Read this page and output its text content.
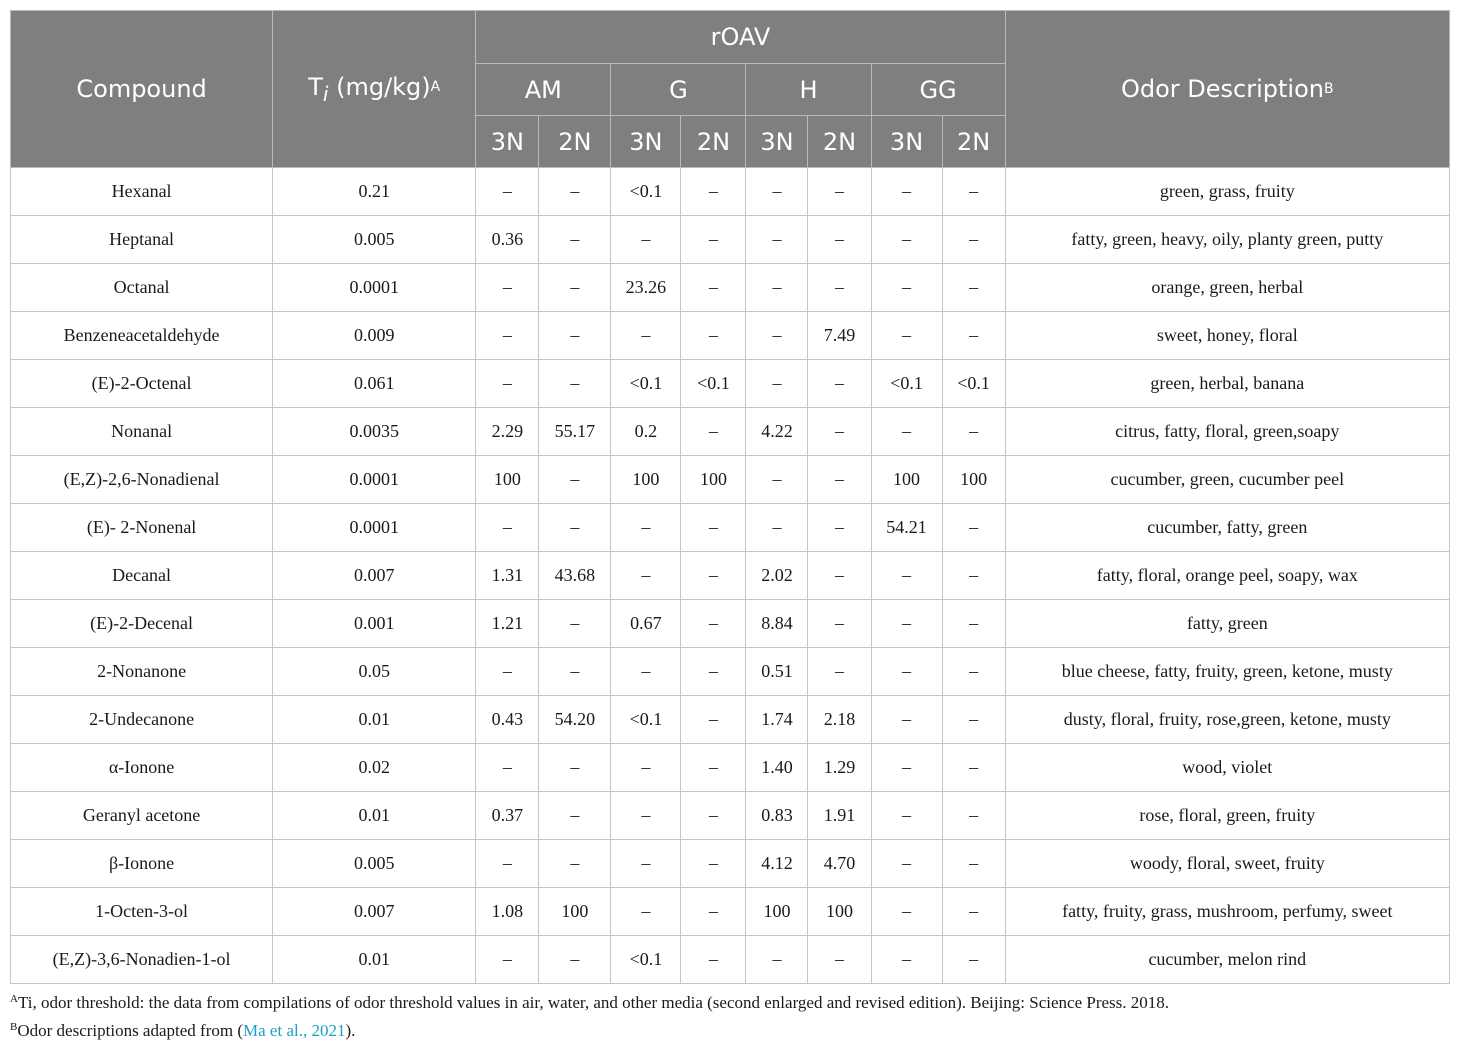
Compound	$T_i$ $(mg/kg)^A$	rOAV								Odor Description$^B$
		AM		G		H		GG		
		3N	2N	3N	2N	3N	2N	3N	2N	
Hexanal	0.21	–	–	<0.1	–	–	–	–	–	green, grass, fruity
Heptanal	0.005	0.36	–	–	–	–	–	–	–	fatty, green, heavy, oily, planty green, putty
Octanal	0.0001	–	–	23.26	–	–	–	–	–	orange, green, herbal
Benzeneacetaldehyde	0.009	–	–	–	–	–	7.49	–	–	sweet, honey, floral
(E)-2-Octenal	0.061	–	–	<0.1	<0.1	–	–	<0.1	<0.1	green, herbal, banana
Nonanal	0.0035	2.29	55.17	0.2	–	4.22	–	–	–	citrus, fatty, floral, green,soapy
(E,Z)-2,6-Nonadienal	0.0001	100	–	100	100	–	–	100	100	cucumber, green, cucumber peel
(E)- 2-Nonenal	0.0001	–	–	–	–	–	–	54.21	–	cucumber, fatty, green
Decanal	0.007	1.31	43.68	–	–	2.02	–	–	–	fatty, floral, orange peel, soapy, wax
(E)-2-Decenal	0.001	1.21	–	0.67	–	8.84	–	–	–	fatty, green
2-Nonanone	0.05	–	–	–	–	0.51	–	–	–	blue cheese, fatty, fruity, green, ketone, musty
2-Undecanone	0.01	0.43	54.20	<0.1	–	1.74	2.18	–	–	dusty, floral, fruity, rose,green, ketone, musty
α-Ionone	0.02	–	–	–	–	1.40	1.29	–	–	wood, violet
Geranyl acetone	0.01	0.37	–	–	–	0.83	1.91	–	–	rose, floral, green, fruity
β-Ionone	0.005	–	–	–	–	4.12	4.70	–	–	woody, floral, sweet, fruity
1-Octen-3-ol	0.007	1.08	100	–	–	100	100	–	–	fatty, fruity, grass, mushroom, perfumy, sweet
(E,Z)-3,6-Nonadien-1-ol	0.01	–	–	<0.1	–	–	–	–	–	cucumber, melon rind
$^A$Ti, odor threshold: the data from compilations of odor threshold values in air, water, and other media (second enlarged and revised edition). Beijing: Science Press. 2018.
$^B$Odor descriptions adapted from (Ma et al., 2021).
